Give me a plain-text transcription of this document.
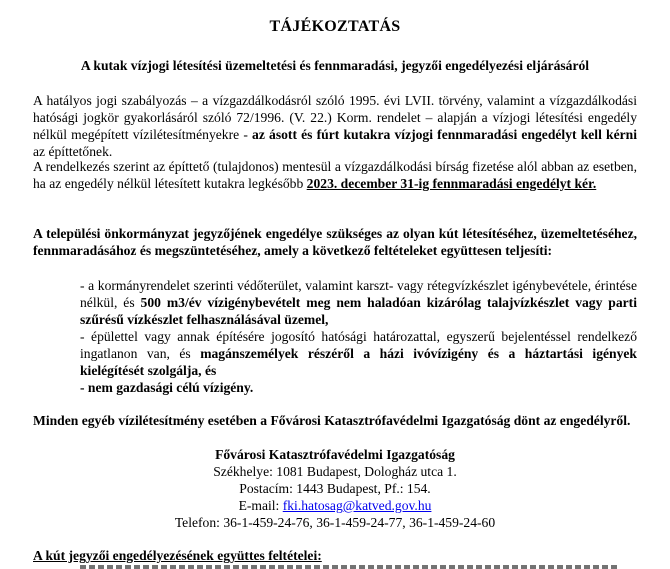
TÁJÉKOZTATÁS
A kutak vízjogi létesítési üzemeltetési és fennmaradási, jegyzői engedélyezési eljárásáról
A hatályos jogi szabályozás – a vízgazdálkodásról szóló 1995. évi LVII. törvény, valamint a vízgazdálkodási hatósági jogkör gyakorlásáról szóló 72/1996. (V. 22.) Korm. rendelet – alapján a vízjogi létesítési engedély nélkül megépített vízilétesítményekre - az ásott és fúrt kutakra vízjogi fennmaradási engedélyt kell kérni az építtetőnek.
A rendelkezés szerint az építtető (tulajdonos) mentesül a vízgazdálkodási bírság fizetése alól abban az esetben, ha az engedély nélkül létesített kutakra legkésőbb 2023. december 31-ig fennmaradási engedélyt kér.
A települési önkormányzat jegyzőjének engedélye szükséges az olyan kút létesítéséhez, üzemeltetéséhez, fennmaradásához és megszüntetéséhez, amely a következő feltételeket együttesen teljesíti:
- a kormányrendelet szerinti védőterület, valamint karszt- vagy rétegvízkészlet igénybevétele, érintése nélkül, és 500 m3/év vízigénybevételt meg nem haladóan kizárólag talajvízkészlet vagy parti szűrésű vízkészlet felhasználásával üzemel,
- épülettel vagy annak építésére jogosító hatósági határozattal, egyszerű bejelentéssel rendelkező ingatlanon van, és magánszemélyek részéről a házi ivóvízigény és a háztartási igények kielégítését szolgálja, és
- nem gazdasági célú vízigény.
Minden egyéb vízilétesítmény esetében a Fővárosi Katasztrófavédelmi Igazgatóság dönt az engedélyről.
Fővárosi Katasztrófavédelmi Igazgatóság
Székhelye: 1081 Budapest, Dologház utca 1.
Postacím: 1443 Budapest, Pf.: 154.
E-mail: fki.hatosag@katved.gov.hu
Telefon: 36-1-459-24-76, 36-1-459-24-77, 36-1-459-24-60
A kút jegyzői engedélyezésének együttes feltételei:
